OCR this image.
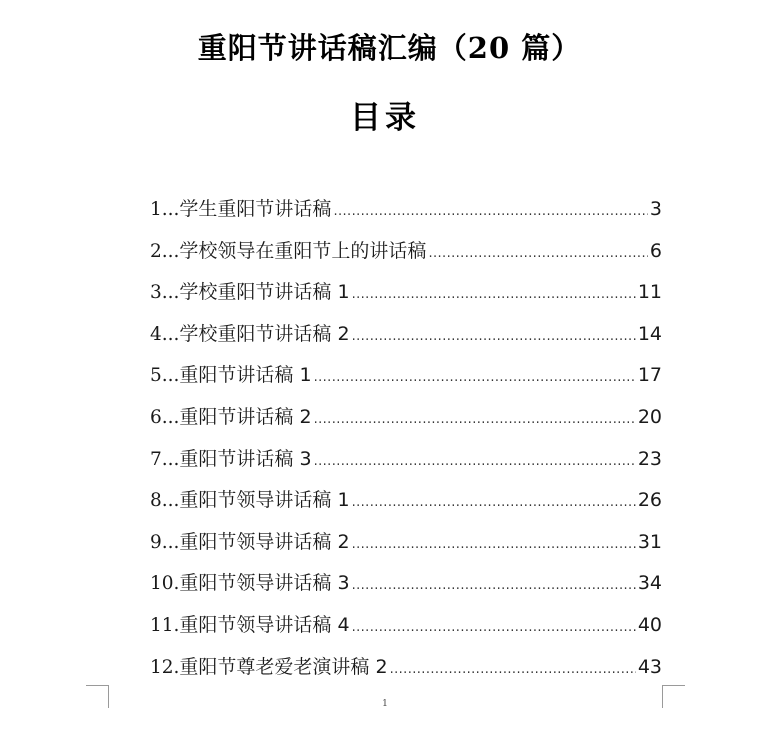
重阳节讲话稿汇编（20 篇）
目录
1... 学生重阳节讲话稿 .....	3
2... 学校领导在重阳节上的讲话稿 .....	6
3... 学校重阳节讲话稿 1 .....	11
4... 学校重阳节讲话稿 2 .....	14
5... 重阳节讲话稿 1 .....	17
6... 重阳节讲话稿 2 .....	20
7... 重阳节讲话稿 3 .....	23
8... 重阳节领导讲话稿 1 .....	26
9... 重阳节领导讲话稿 2 .....	31
10. 重阳节领导讲话稿 3 .....	34
11. 重阳节领导讲话稿 4 .....	40
12. 重阳节尊老爱老演讲稿 2 .....	43
1
